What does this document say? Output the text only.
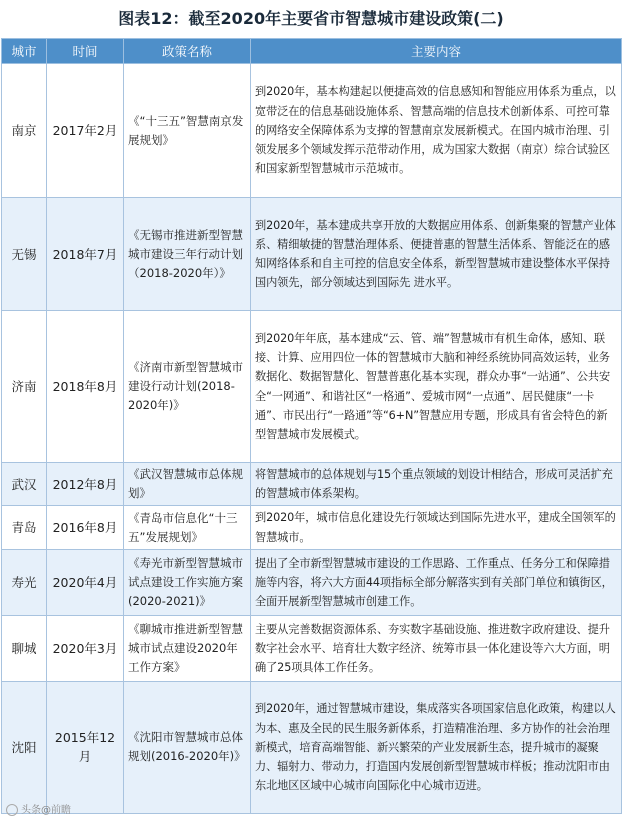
图表12：截至2020年主要省市智慧城市建设政策(二)
城市	时间	政策名称	主要内容
南京	2017年2月	《“十三五”智慧南京发展规划》	到2020年，基本构建起以便捷高效的信息感知和智能应用体系为重点，以宽带泛在的信息基础设施体系、智慧高端的信息技术创新体系、可控可靠的网络安全保障体系为支撑的智慧南京发展新模式。在国内城市治理、引领发展多个领域发挥示范带动作用，成为国家大数据（南京）综合试验区和国家新型智慧城市示范城市。
无锡	2018年7月	《无锡市推进新型智慧城市建设三年行动计划（2018-2020年）》	到2020年，基本建成共享开放的大数据应用体系、创新集聚的智慧产业体系、精细敏捷的智慧治理体系、便捷普惠的智慧生活体系、智能泛在的感知网络体系和自主可控的信息安全体系，新型智慧城市建设整体水平保持国内领先，部分领域达到国际先 进水平。
济南	2018年8月	《济南市新型智慧城市建设行动计划(2018-2020年)》	到2020年年底，基本建成“云、管、端”智慧城市有机生命体，感知、联接、计算、应用四位一体的智慧城市大脑和神经系统协同高效运转，业务数据化、数据智慧化、智慧普惠化基本实现，群众办事“一站通”、公共安全“一网通”、和谐社区“一格通”、爱城市网“一点通”、居民健康“一卡通”、市民出行“一路通”等“6+N”智慧应用专题，形成具有省会特色的新型智慧城市发展模式。
武汉	2012年8月	《武汉智慧城市总体规划》	将智慧城市的总体规划与15个重点领域的划设计相结合，形成可灵活扩充的智慧城市体系架构。
青岛	2016年8月	《青岛市信息化“十三五”发展规划》	到2020年，城市信息化建设先行领域达到国际先进水平，建成全国领军的智慧城市。
寿光	2020年4月	《寿光市新型智慧城市试点建设工作实施方案(2020-2021)》	提出了全市新型智慧城市建设的工作思路、工作重点、任务分工和保障措施等内容，将六大方面44项指标全部分解落实到有关部门单位和镇街区，全面开展新型智慧城市创建工作。
聊城	2020年3月	《聊城市推进新型智慧城市试点建设2020年工作方案》	主要从完善数据资源体系、夯实数字基础设施、推进数字政府建设、提升数字社会水平、培育壮大数字经济、统筹市县一体化建设等六大方面，明确了25项具体工作任务。
沈阳	2015年12月	《沈阳市智慧城市总体规划(2016-2020年)》	到2020年，通过智慧城市建设，集成落实各项国家信息化政策，构建以人为本、惠及全民的民生服务新体系，打造精准治理、多方协作的社会治理新模式，培育高端智能、新兴繁荣的产业发展新生态，提升城市的凝聚力、辐射力、带动力，打造国内发展创新型智慧城市样板；推动沈阳市由东北地区区域中心城市向国际化中心城市迈进。
头条@前瞻
